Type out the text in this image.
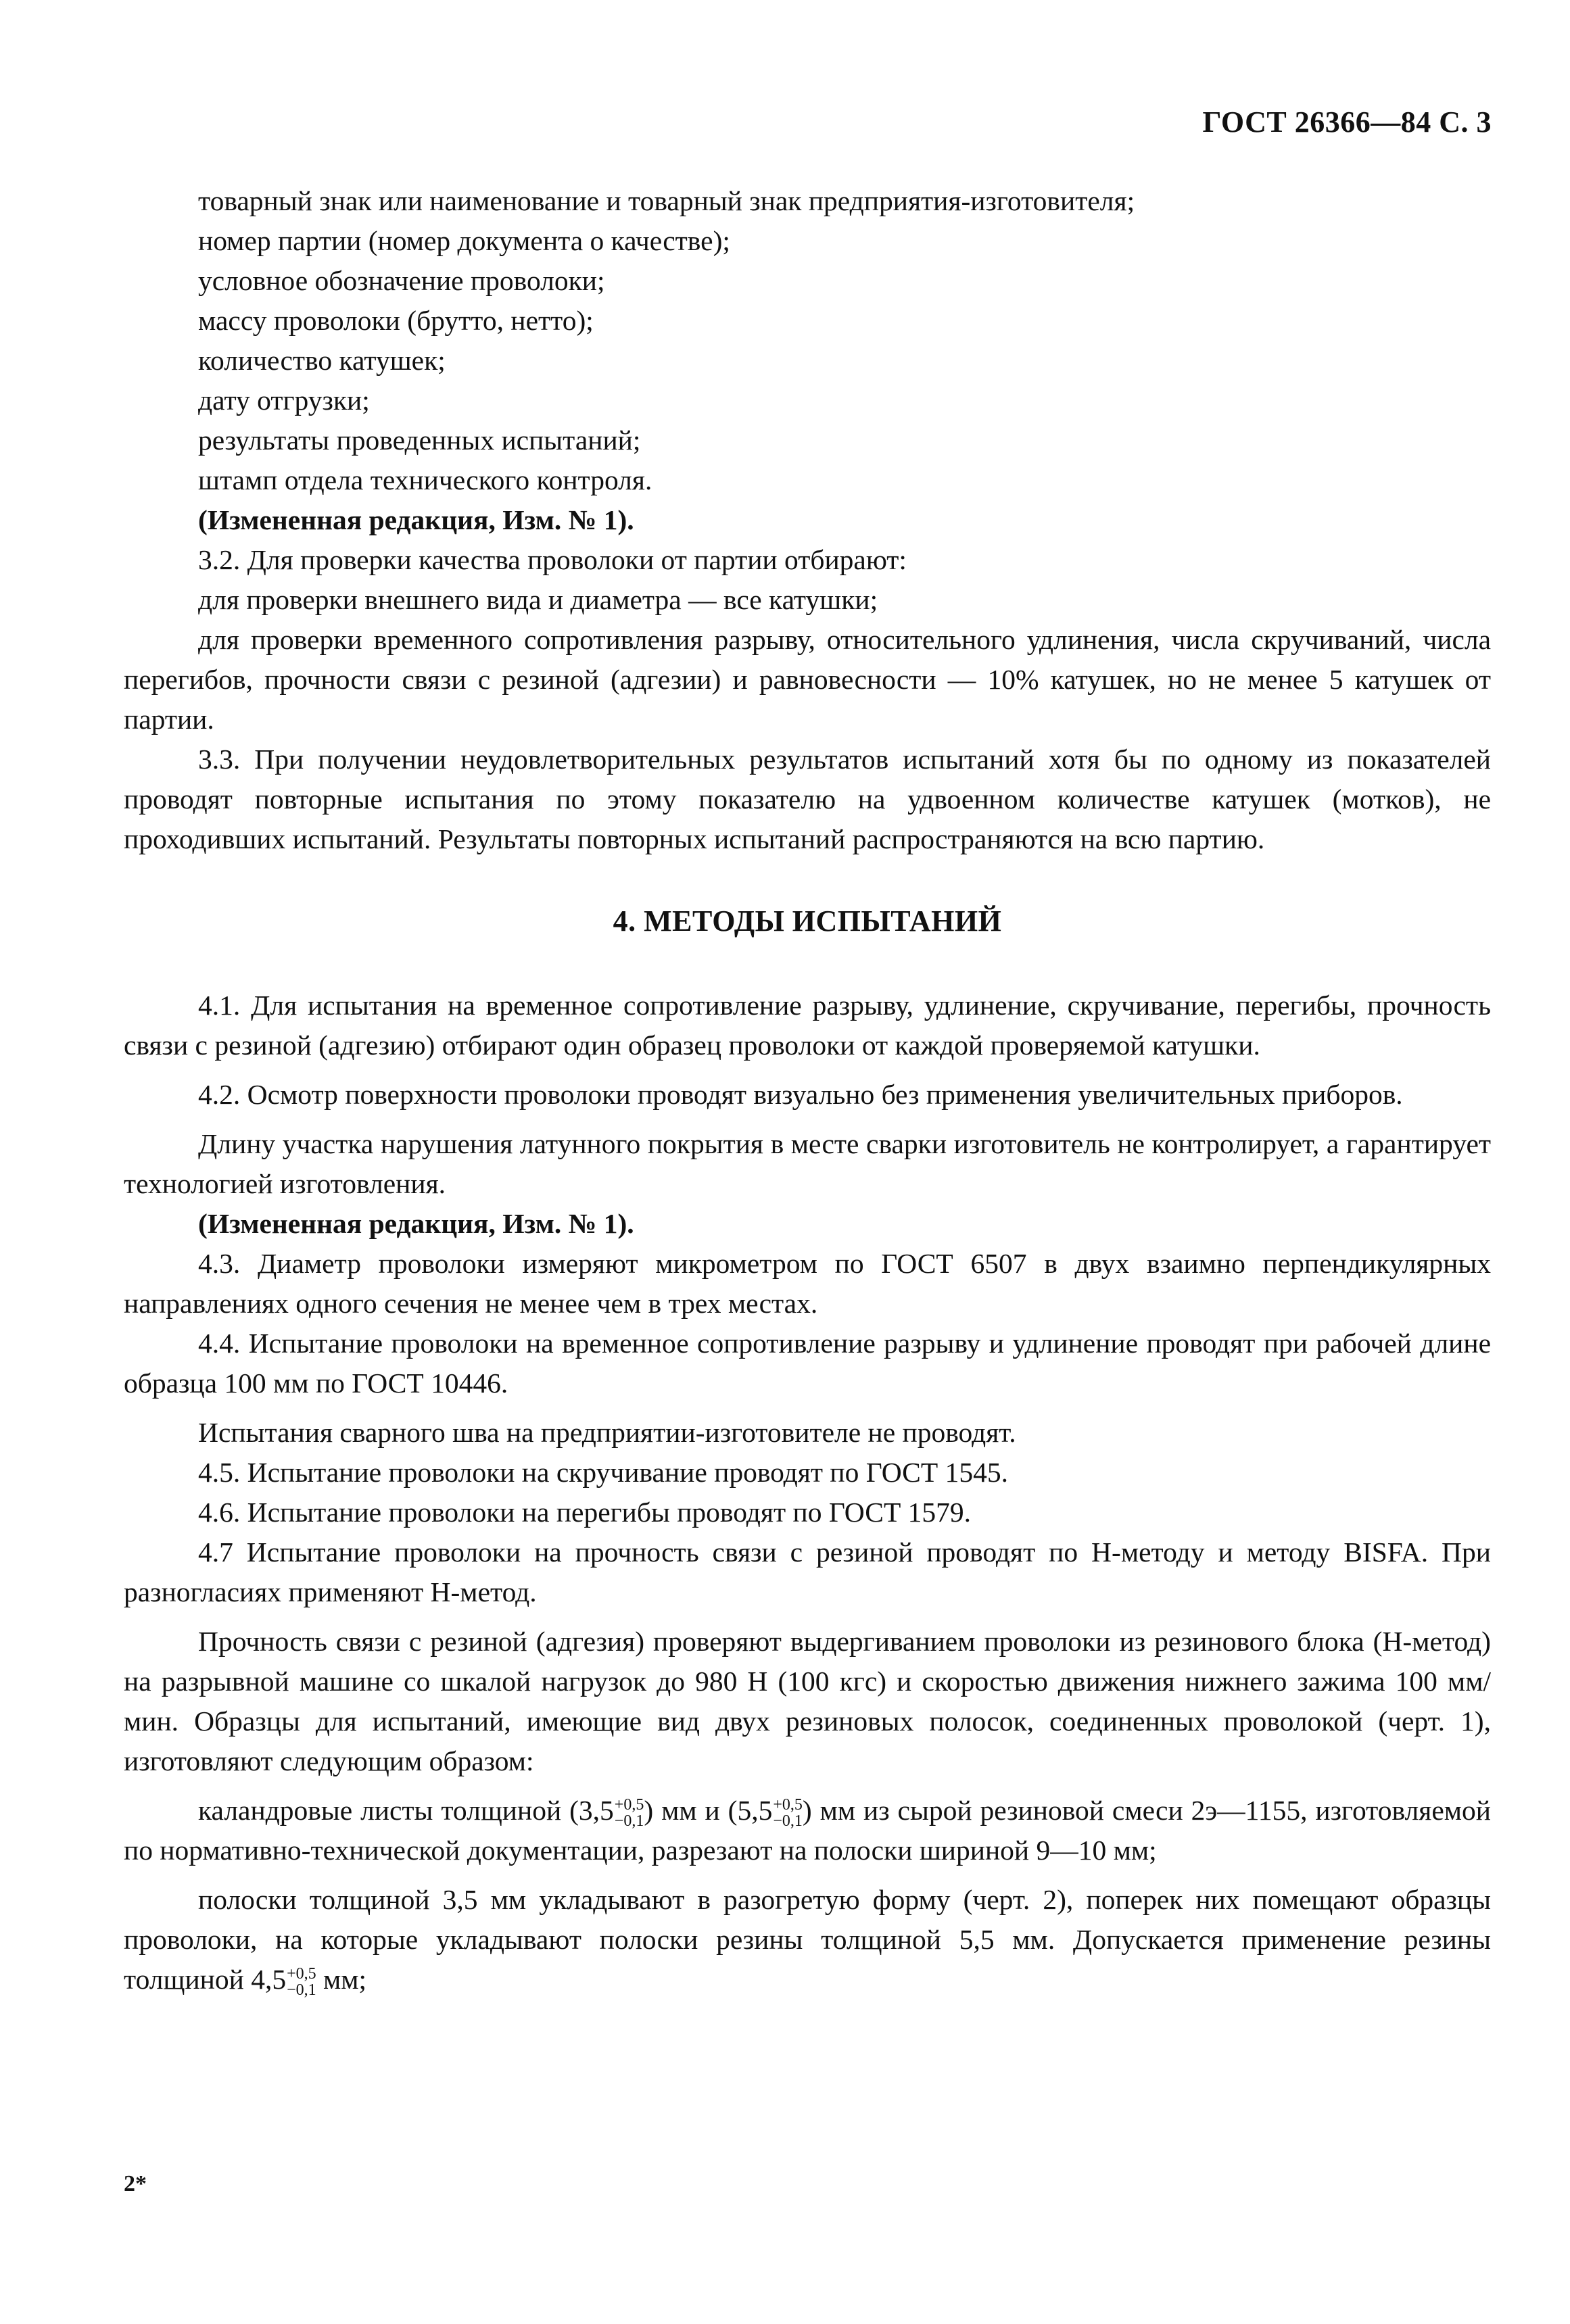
ГОСТ 26366—84 С. 3

товарный знак или наименование и товарный знак предприятия-изготовителя;

номер партии (номер документа о качестве);

условное обозначение проволоки;

массу проволоки (брутто, нетто);

количество катушек;

дату отгрузки;

результаты проведенных испытаний;

штамп отдела технического контроля.

(Измененная редакция, Изм. № 1).

3.2. Для проверки качества проволоки от партии отбирают:

для проверки внешнего вида и диаметра — все катушки;

для проверки временного сопротивления разрыву, относительного удлинения, числа скручиваний, числа перегибов, прочности связи с резиной (адгезии) и равновесности — 10% катушек, но не менее 5 катушек от партии.

3.3. При получении неудовлетворительных результатов испытаний хотя бы по одному из показателей проводят повторные испытания по этому показателю на удвоенном количестве катушек (мотков), не проходивших испытаний. Результаты повторных испытаний распространяются на всю партию.

4. МЕТОДЫ ИСПЫТАНИЙ

4.1. Для испытания на временное сопротивление разрыву, удлинение, скручивание, перегибы, прочность связи с резиной (адгезию) отбирают один образец проволоки от каждой проверяемой катушки.

4.2. Осмотр поверхности проволоки проводят визуально без применения увеличительных приборов.

Длину участка нарушения латунного покрытия в месте сварки изготовитель не контролирует, а гарантирует технологией изготовления.

(Измененная редакция, Изм. № 1).

4.3. Диаметр проволоки измеряют микрометром по ГОСТ 6507 в двух взаимно перпендикулярных направлениях одного сечения не менее чем в трех местах.

4.4. Испытание проволоки на временное сопротивление разрыву и удлинение проводят при рабочей длине образца 100 мм по ГОСТ 10446.

Испытания сварного шва на предприятии-изготовителе не проводят.

4.5. Испытание проволоки на скручивание проводят по ГОСТ 1545.

4.6. Испытание проволоки на перегибы проводят по ГОСТ 1579.

4.7 Испытание проволоки на прочность связи с резиной проводят по Н-методу и методу BISFA. При разногласиях применяют Н-метод.

Прочность связи с резиной (адгезия) проверяют выдергиванием проволоки из резинового блока (Н-метод) на разрывной машине со шкалой нагрузок до 980 Н (100 кгс) и скоростью движения нижнего зажима 100 мм/мин. Образцы для испытаний, имеющие вид двух резиновых полосок, соединенных проволокой (черт. 1), изготовляют следующим образом:

каландровые листы толщиной (3,5 +0,5
−0,1 ) мм и (5,5 +0,5
−0,1 ) мм из сырой резиновой смеси 2э—1155, изготовляемой по нормативно-технической документации, разрезают на полоски шириной 9—10 мм;

полоски толщиной 3,5 мм укладывают в разогретую форму (черт. 2), поперек них помещают образцы проволоки, на которые укладывают полоски резины толщиной 5,5 мм. Допускается применение резины толщиной 4,5 +0,5
−0,1 мм;

2*
